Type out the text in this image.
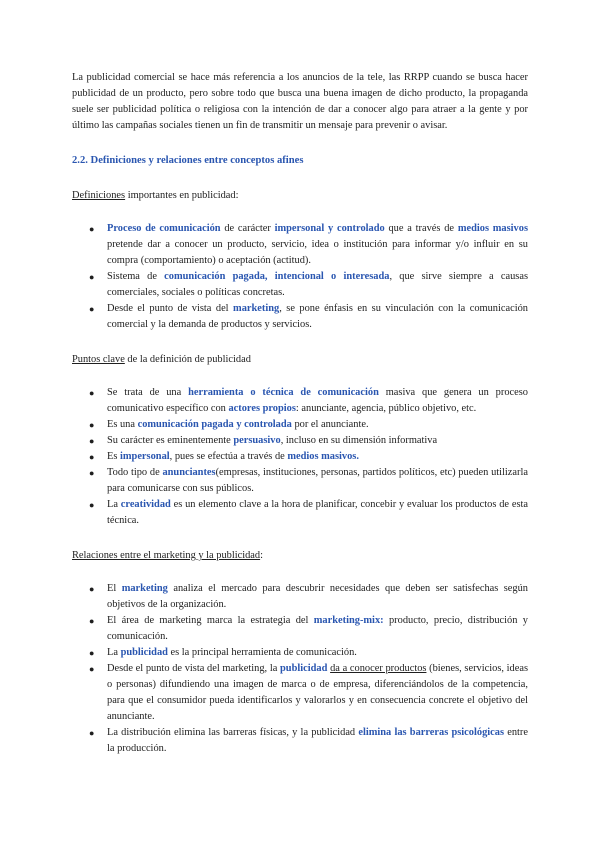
La publicidad comercial se hace más referencia a los anuncios de la tele, las RRPP cuando se busca hacer publicidad de un producto, pero sobre todo que busca una buena imagen de dicho producto, la propaganda suele ser publicidad política o religiosa con la intención de dar a conocer algo para atraer a la gente y por último las campañas sociales tienen un fin de transmitir un mensaje para prevenir o avisar.

2.2. Definiciones y relaciones entre conceptos afines

Definiciones importantes en publicidad:

● Proceso de comunicación de carácter impersonal y controlado que a través de medios masivos pretende dar a conocer un producto, servicio, idea o institución para informar y/o influir en su compra (comportamiento) o aceptación (actitud).
● Sistema de comunicación pagada, intencional o interesada, que sirve siempre a causas comerciales, sociales o políticas concretas.
● Desde el punto de vista del marketing, se pone énfasis en su vinculación con la comunicación comercial y la demanda de productos y servicios.

Puntos clave de la definición de publicidad

● Se trata de una herramienta o técnica de comunicación masiva que genera un proceso comunicativo específico con actores propios: anunciante, agencia, público objetivo, etc.
● Es una comunicación pagada y controlada por el anunciante.
● Su carácter es eminentemente persuasivo, incluso en su dimensión informativa
● Es impersonal, pues se efectúa a través de medios masivos.
● Todo tipo de anunciantes(empresas, instituciones, personas, partidos políticos, etc) pueden utilizarla para comunicarse con sus públicos.
● La creatividad es un elemento clave a la hora de planificar, concebir y evaluar los productos de esta técnica.

Relaciones entre el marketing y la publicidad:

● El marketing analiza el mercado para descubrir necesidades que deben ser satisfechas según objetivos de la organización.
● El área de marketing marca la estrategia del marketing-mix: producto, precio, distribución y comunicación.
● La publicidad es la principal herramienta de comunicación.
● Desde el punto de vista del marketing, la publicidad da a conocer productos (bienes, servicios, ideas o personas) difundiendo una imagen de marca o de empresa, diferenciándolos de la competencia, para que el consumidor pueda identificarlos y valorarlos y en consecuencia concrete el objetivo del anunciante.
● La distribución elimina las barreras físicas, y la publicidad elimina las barreras psicológicas entre la producción.
